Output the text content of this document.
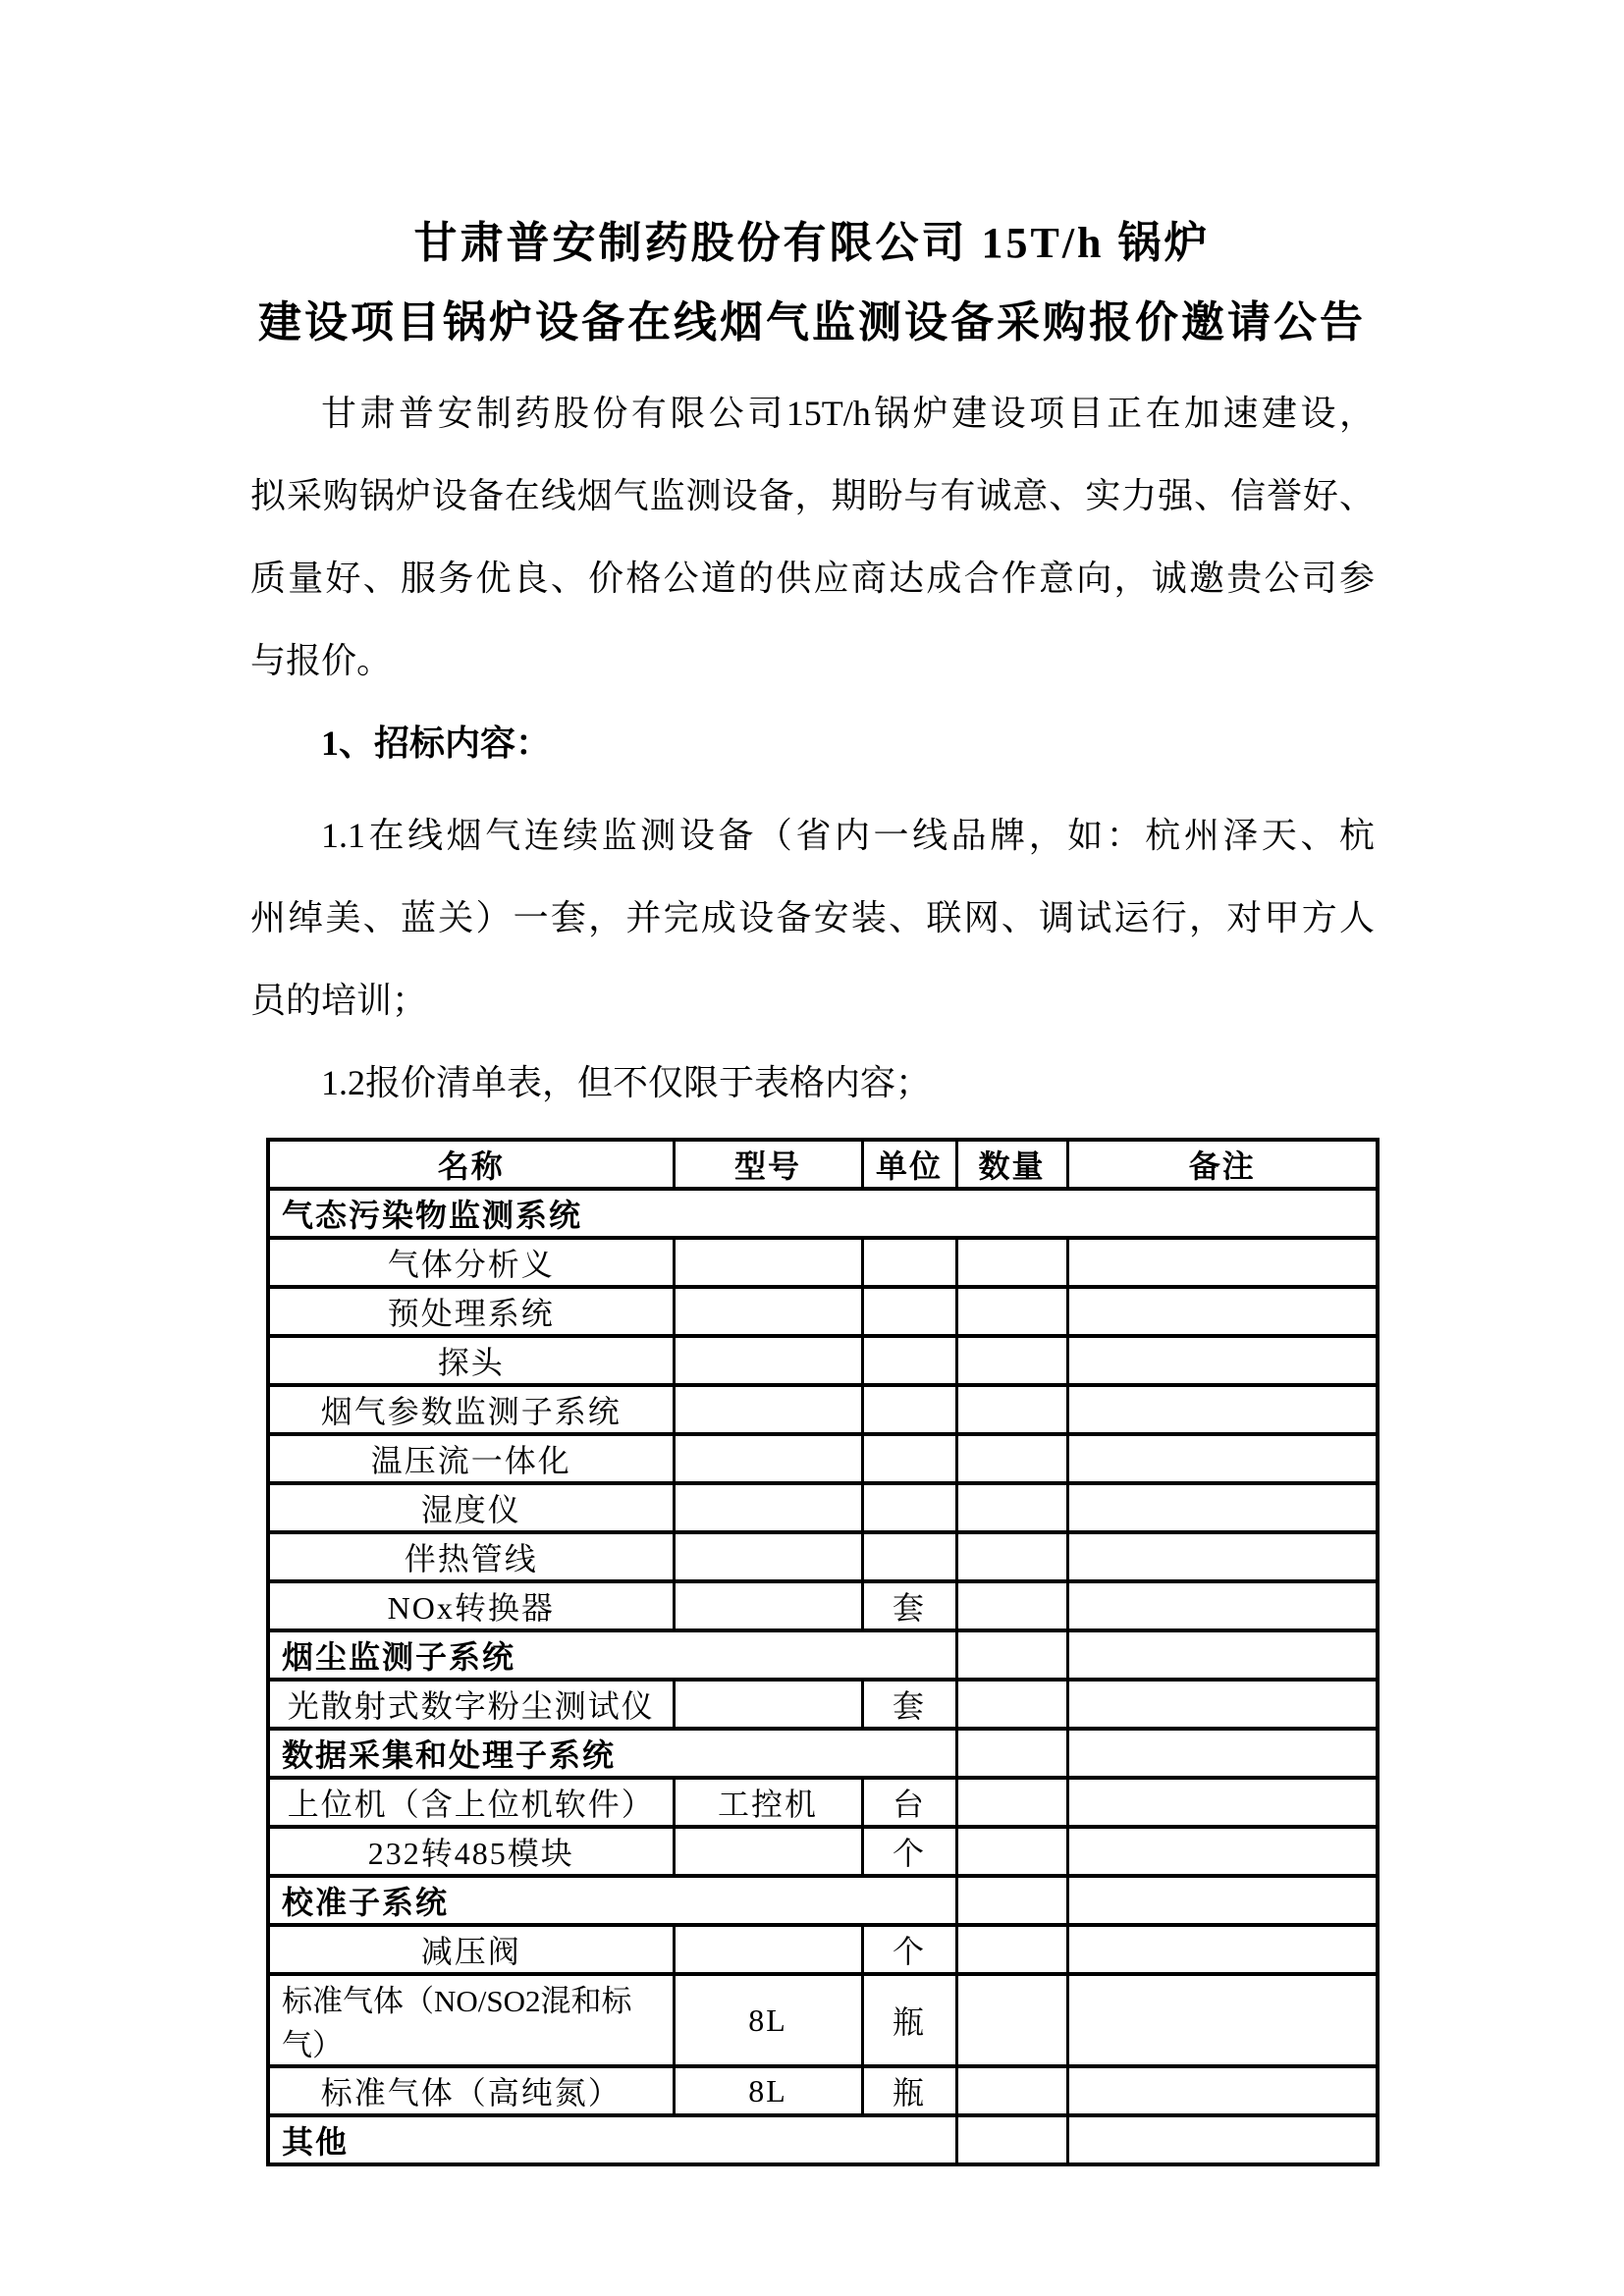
甘肃普安制药股份有限公司 15T/h 锅炉
建设项目锅炉设备在线烟气监测设备采购报价邀请公告
甘肃普安制药股份有限公司15T/h锅炉建设项目正在加速建设，
拟采购锅炉设备在线烟气监测设备，期盼与有诚意、实力强、信誉好、
质量好、服务优良、价格公道的供应商达成合作意向，诚邀贵公司参
与报价。
1、招标内容：
1.1在线烟气连续监测设备（省内一线品牌，如：杭州泽天、杭
州绰美、蓝关）一套，并完成设备安装、联网、调试运行，对甲方人
员的培训；
1.2报价清单表，但不仅限于表格内容；
名称	型号	单位	数量	备注
气态污染物监测系统				
气体分析义				
预处理系统				
探头				
烟气参数监测子系统				
温压流一体化				
湿度仪				
伴热管线				
NOx转换器		套		
烟尘监测子系统				
光散射式数字粉尘测试仪		套		
数据采集和处理子系统				
上位机（含上位机软件）	工控机	台		
232转485模块		个		
校准子系统				
减压阀		个		
标准气体（NO/SO2混和标 气）	8L	瓶		
标准气体（高纯氮）	8L	瓶		
其他				
